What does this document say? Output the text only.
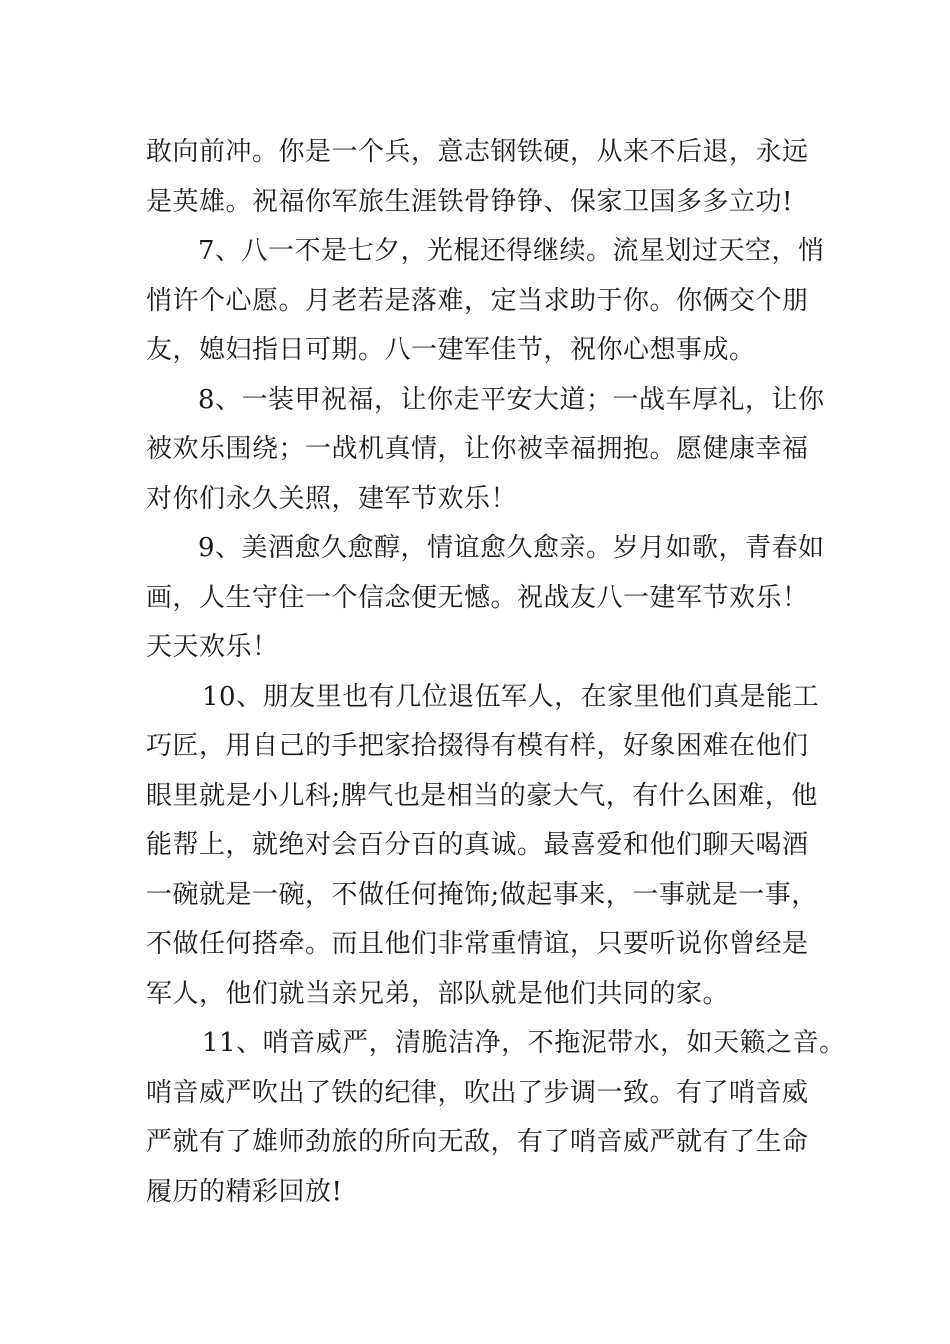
敢向前冲。你是一个兵，意志钢铁硬，从来不后退，永远
是英雄。祝福你军旅生涯铁骨铮铮、保家卫国多多立功!
7、八一不是七夕，光棍还得继续。流星划过天空，悄
悄许个心愿。月老若是落难，定当求助于你。你俩交个朋
友，媳妇指日可期。八一建军佳节，祝你心想事成。
8、一装甲祝福，让你走平安大道；一战车厚礼，让你
被欢乐围绕；一战机真情，让你被幸福拥抱。愿健康幸福
对你们永久关照，建军节欢乐！
9、美酒愈久愈醇，情谊愈久愈亲。岁月如歌，青春如
画，人生守住一个信念便无憾。祝战友八一建军节欢乐！
天天欢乐！
10、朋友里也有几位退伍军人，在家里他们真是能工
巧匠，用自己的手把家拾掇得有模有样，好象困难在他们
眼里就是小儿科;脾气也是相当的豪大气，有什么困难，他
能帮上，就绝对会百分百的真诚。最喜爱和他们聊天喝酒
一碗就是一碗，不做任何掩饰;做起事来，一事就是一事，
不做任何搭牵。而且他们非常重情谊，只要听说你曾经是
军人，他们就当亲兄弟，部队就是他们共同的家。
11、哨音威严，清脆洁净，不拖泥带水，如天籁之音。
哨音威严吹出了铁的纪律，吹出了步调一致。有了哨音威
严就有了雄师劲旅的所向无敌，有了哨音威严就有了生命
履历的精彩回放!
